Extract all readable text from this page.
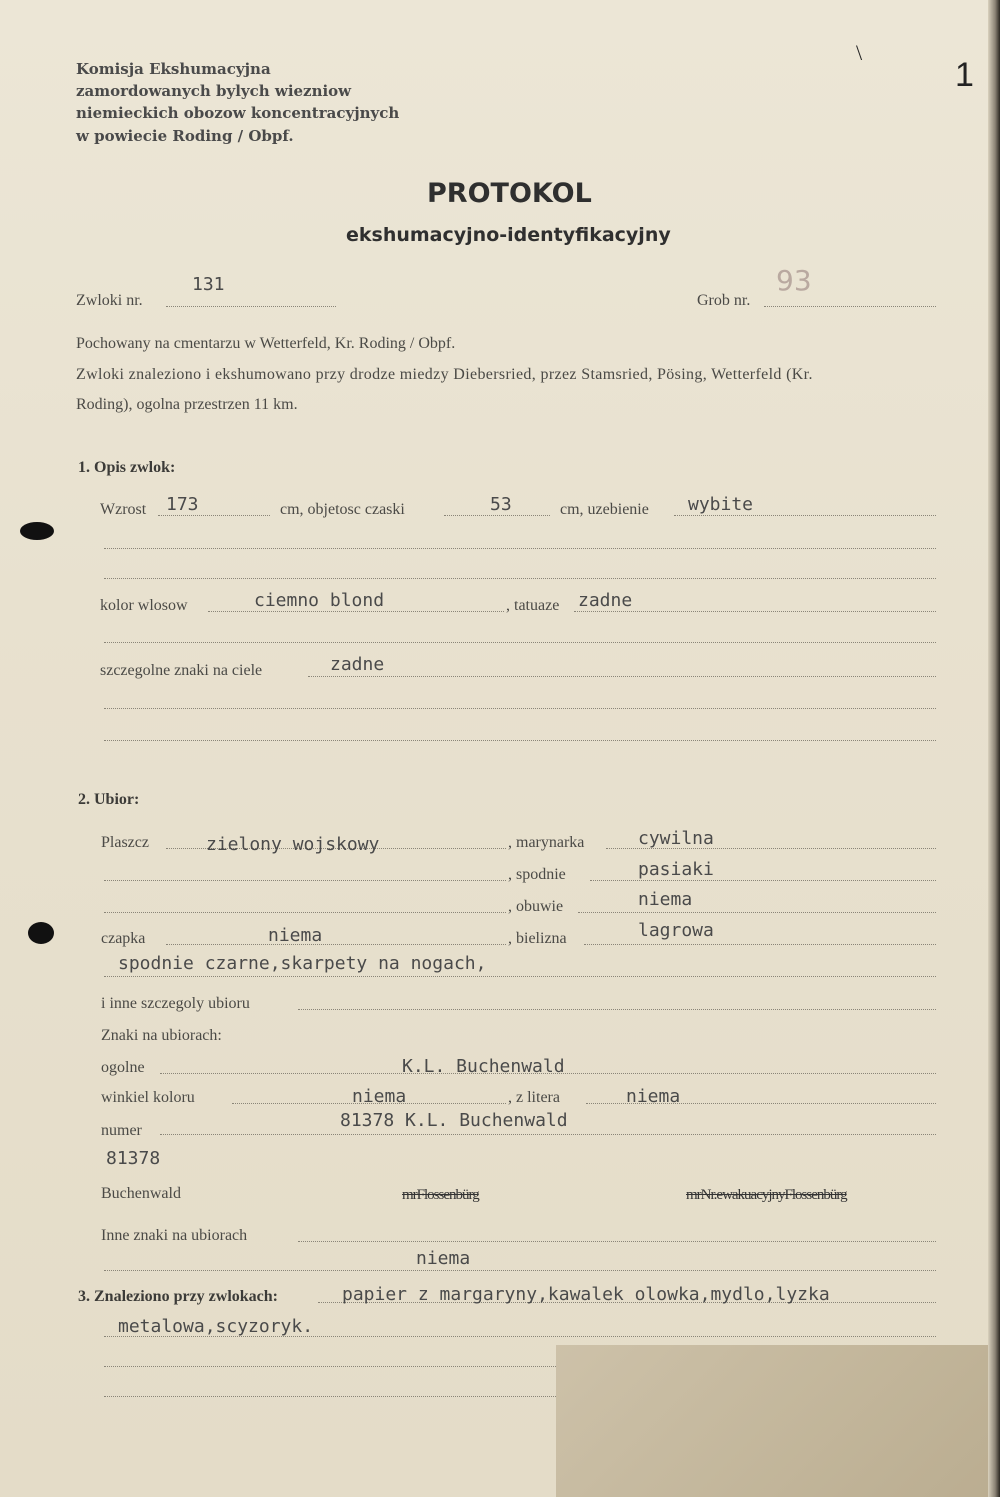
\
1
Komisja Ekshumacyjna
zamordowanych bylych wiezniow
niemieckich obozow koncentracyjnych
w powiecie Roding / Obpf.
PROTOKOL
ekshumacyjno-identyfikacyjny
Zwloki nr.
131
Grob nr.
93
Pochowany na cmentarzu w Wetterfeld, Kr. Roding / Obpf.
Zwloki znaleziono i ekshumowano przy drodze miedzy Diebersried, przez Stamsried, Pösing, Wetterfeld (Kr.
Roding), ogolna przestrzen 11 km.
1. Opis zwlok:
Wzrost 173	cm, objetosc czaski	53	cm, uzebienie wybite
kolor wlosow	ciemno blond	, tatuaze zadne
szczegolne znaki na ciele	zadne
2. Ubior:
Plaszcz	zielony wojskowy	, marynarka	cywilna
, spodnie	pasiaki
, obuwie	niema
czapka	niema	, bielizna	lagrowa
spodnie czarne,skarpety na nogach,
i inne szczegoly ubioru
Znaki na ubiorach:
ogolne	K.L. Buchenwald
winkiel koloru	niema	, z litera	niema
numer	81378 K.L. Buchenwald
81378
Buchenwald	mrFlossenbürg	mrNr.ewakuacyjnyFlossenbürg
Inne znaki na ubiorach
niema
3. Znaleziono przy zwlokach:	papier z margaryny,kawalek olowka,mydlo,lyzka
metalowa,scyzoryk.
